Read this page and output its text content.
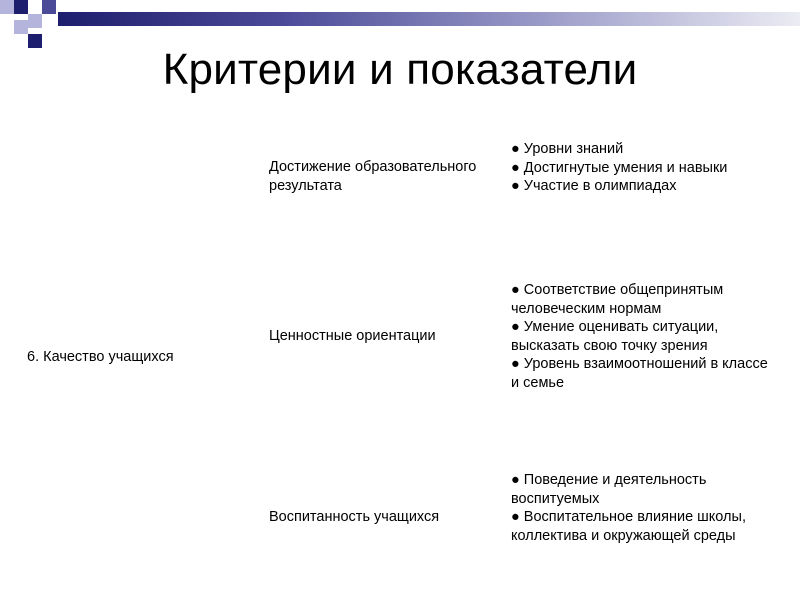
Критерии и показатели
6. Качество учащихся
Достижение образовательного результата
● Уровни знаний
● Достигнутые умения и навыки
● Участие в олимпиадах
Ценностные ориентации
● Соответствие общепринятым человеческим нормам
● Умение оценивать ситуации, высказать свою точку зрения
● Уровень взаимоотношений в классе и семье
Воспитанность учащихся
● Поведение и деятельность воспитуемых
● Воспитательное влияние школы, коллектива и окружающей среды
